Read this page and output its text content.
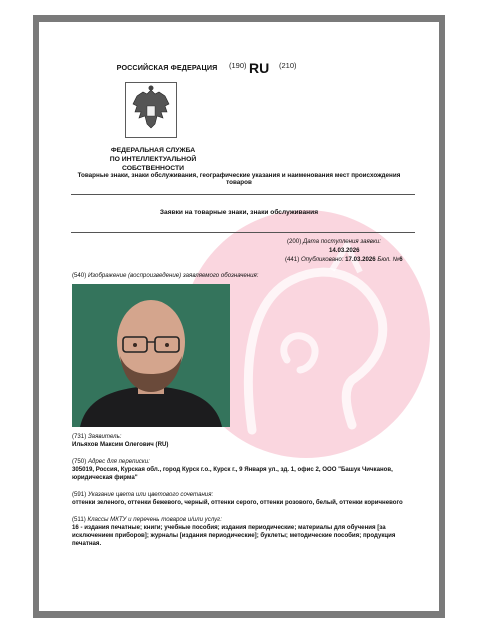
РОССИЙСКАЯ ФЕДЕРАЦИЯ	(190) RU (210)
ФЕДЕРАЛЬНАЯ СЛУЖБА
ПО ИНТЕЛЛЕКТУАЛЬНОЙ СОБСТВЕННОСТИ
Товарные знаки, знаки обслуживания, географические указания и наименования мест происхождения товаров
Заявки на товарные знаки, знаки обслуживания
(200) Дата поступления заявки:
14.03.2026
(441) Опубликовано: 17.03.2026 Бюл. №6
(540) Изображение (воспроизведение) заявляемого обозначения:
(731) Заявитель:
Ильяхов Максим Олегович (RU)
(750) Адрес для переписки:
305019, Россия, Курская обл., город Курск г.о., Курск г., 9 Января ул., зд. 1, офис 2, ООО "Башук Чичканов,
юридическая фирма"
(591) Указание цвета или цветового сочетания:
оттенки зеленого, оттенки бежевого, черный, оттенки серого, оттенки розового, белый, оттенки коричневого
(511) Классы МКТУ и перечень товаров и/или услуг:
16 - издания печатные; книги; учебные пособия; издания периодические; материалы для обучения [за
исключением приборов]; журналы [издания периодические]; буклеты; методические пособия; продукция
печатная.
